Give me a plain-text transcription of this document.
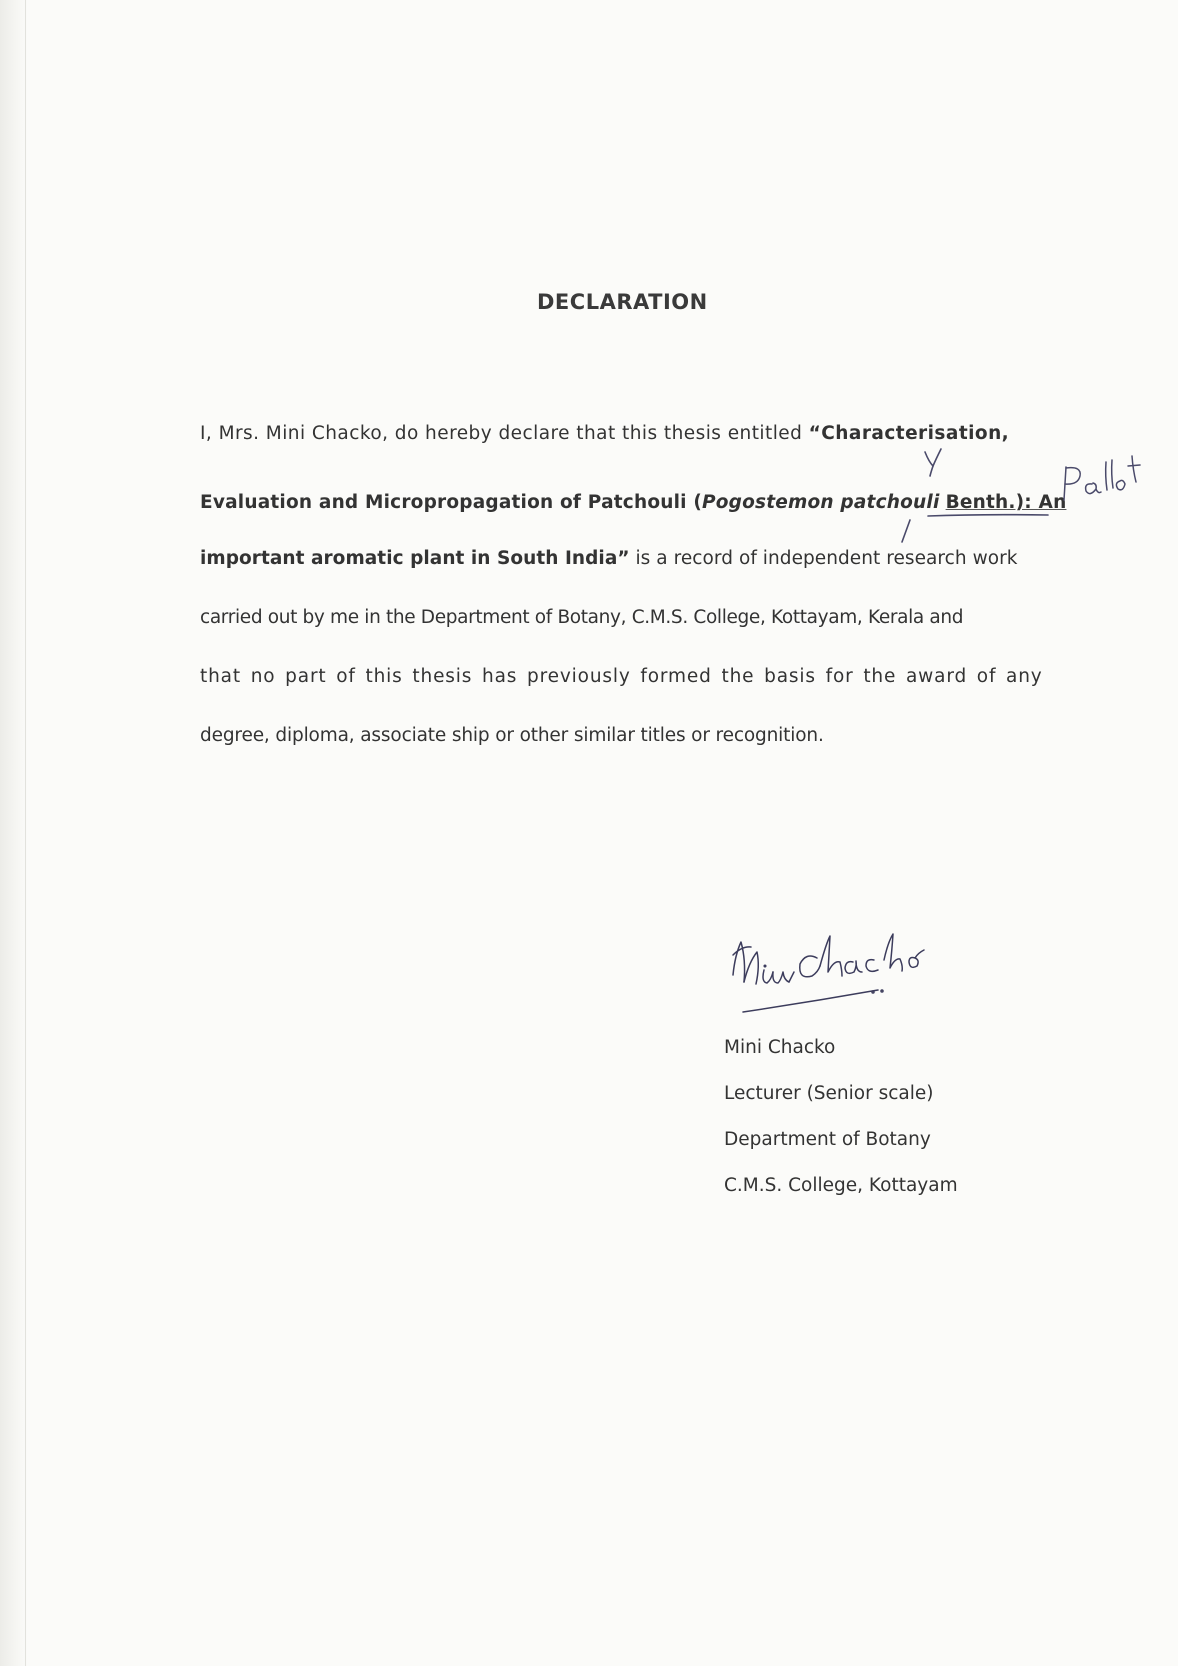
DECLARATION
I, Mrs. Mini Chacko, do hereby declare that this thesis entitled “Characterisation,
Evaluation and Micropropagation of Patchouli (Pogostemon patchouli Benth.): An
important aromatic plant in South India” is a record of independent research work
carried out by me in the Department of Botany, C.M.S. College, Kottayam, Kerala and
that no part of this thesis has previously formed the basis for the award of any
degree, diploma, associate ship or other similar titles or recognition.
Mini Chacko
Lecturer (Senior scale)
Department of Botany
C.M.S. College, Kottayam
